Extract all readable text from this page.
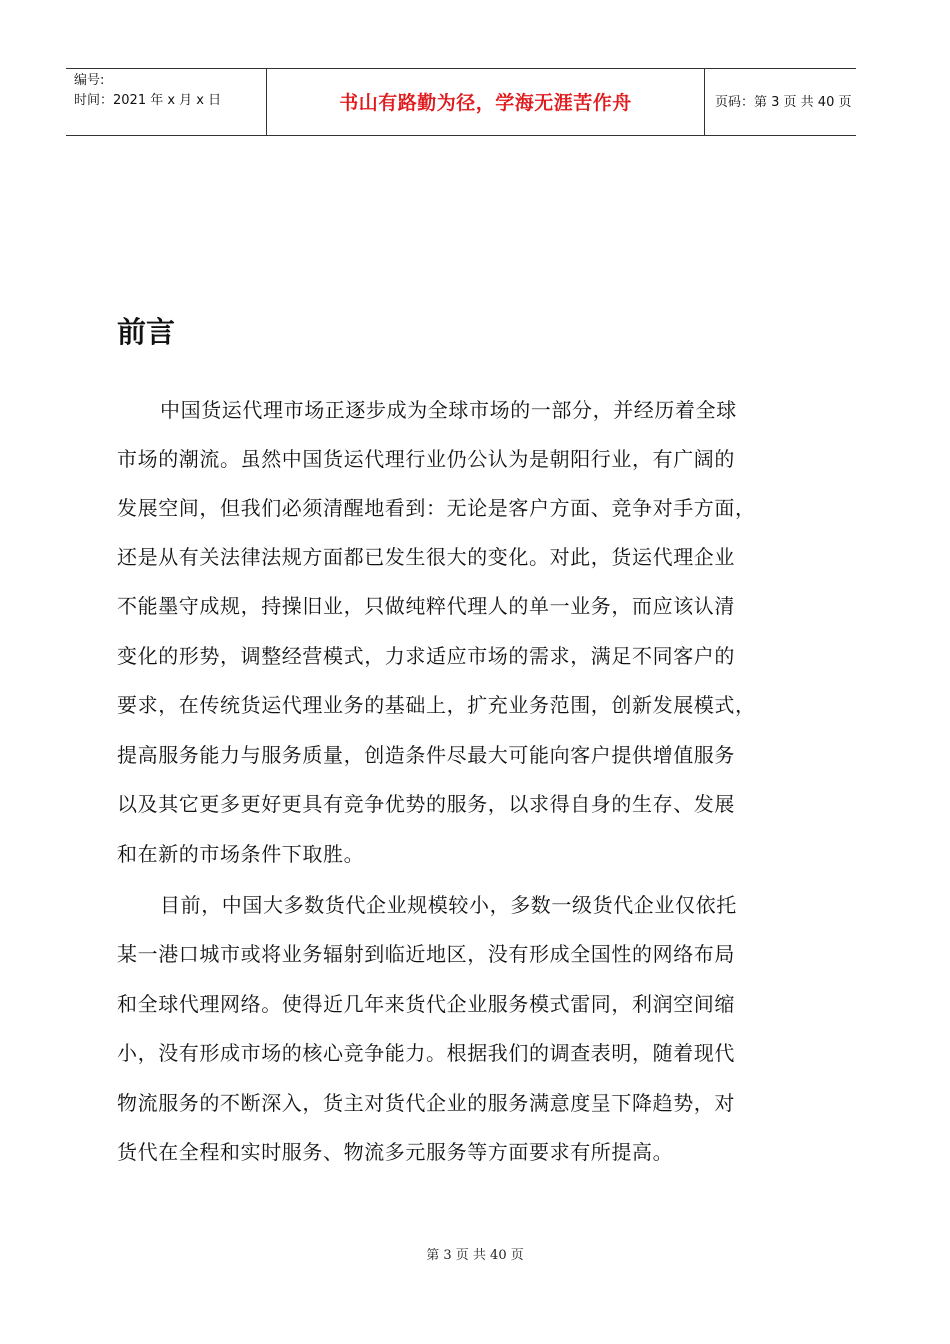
编号:
时间：2021 年 x 月 x 日	书山有路勤为径，学海无涯苦作舟	页码：第 3 页 共 40 页
前言
中国货运代理市场正逐步成为全球市场的一部分，并经历着全球
市场的潮流。虽然中国货运代理行业仍公认为是朝阳行业，有广阔的
发展空间，但我们必须清醒地看到：无论是客户方面、竞争对手方面，
还是从有关法律法规方面都已发生很大的变化。对此，货运代理企业
不能墨守成规，持操旧业，只做纯粹代理人的单一业务，而应该认清
变化的形势，调整经营模式，力求适应市场的需求，满足不同客户的
要求，在传统货运代理业务的基础上，扩充业务范围，创新发展模式，
提高服务能力与服务质量，创造条件尽最大可能向客户提供增值服务
以及其它更多更好更具有竞争优势的服务，以求得自身的生存、发展
和在新的市场条件下取胜。
目前，中国大多数货代企业规模较小，多数一级货代企业仅依托
某一港口城市或将业务辐射到临近地区，没有形成全国性的网络布局
和全球代理网络。使得近几年来货代企业服务模式雷同，利润空间缩
小，没有形成市场的核心竞争能力。根据我们的调查表明，随着现代
物流服务的不断深入，货主对货代企业的服务满意度呈下降趋势，对
货代在全程和实时服务、物流多元服务等方面要求有所提高。
第 3 页 共 40 页
